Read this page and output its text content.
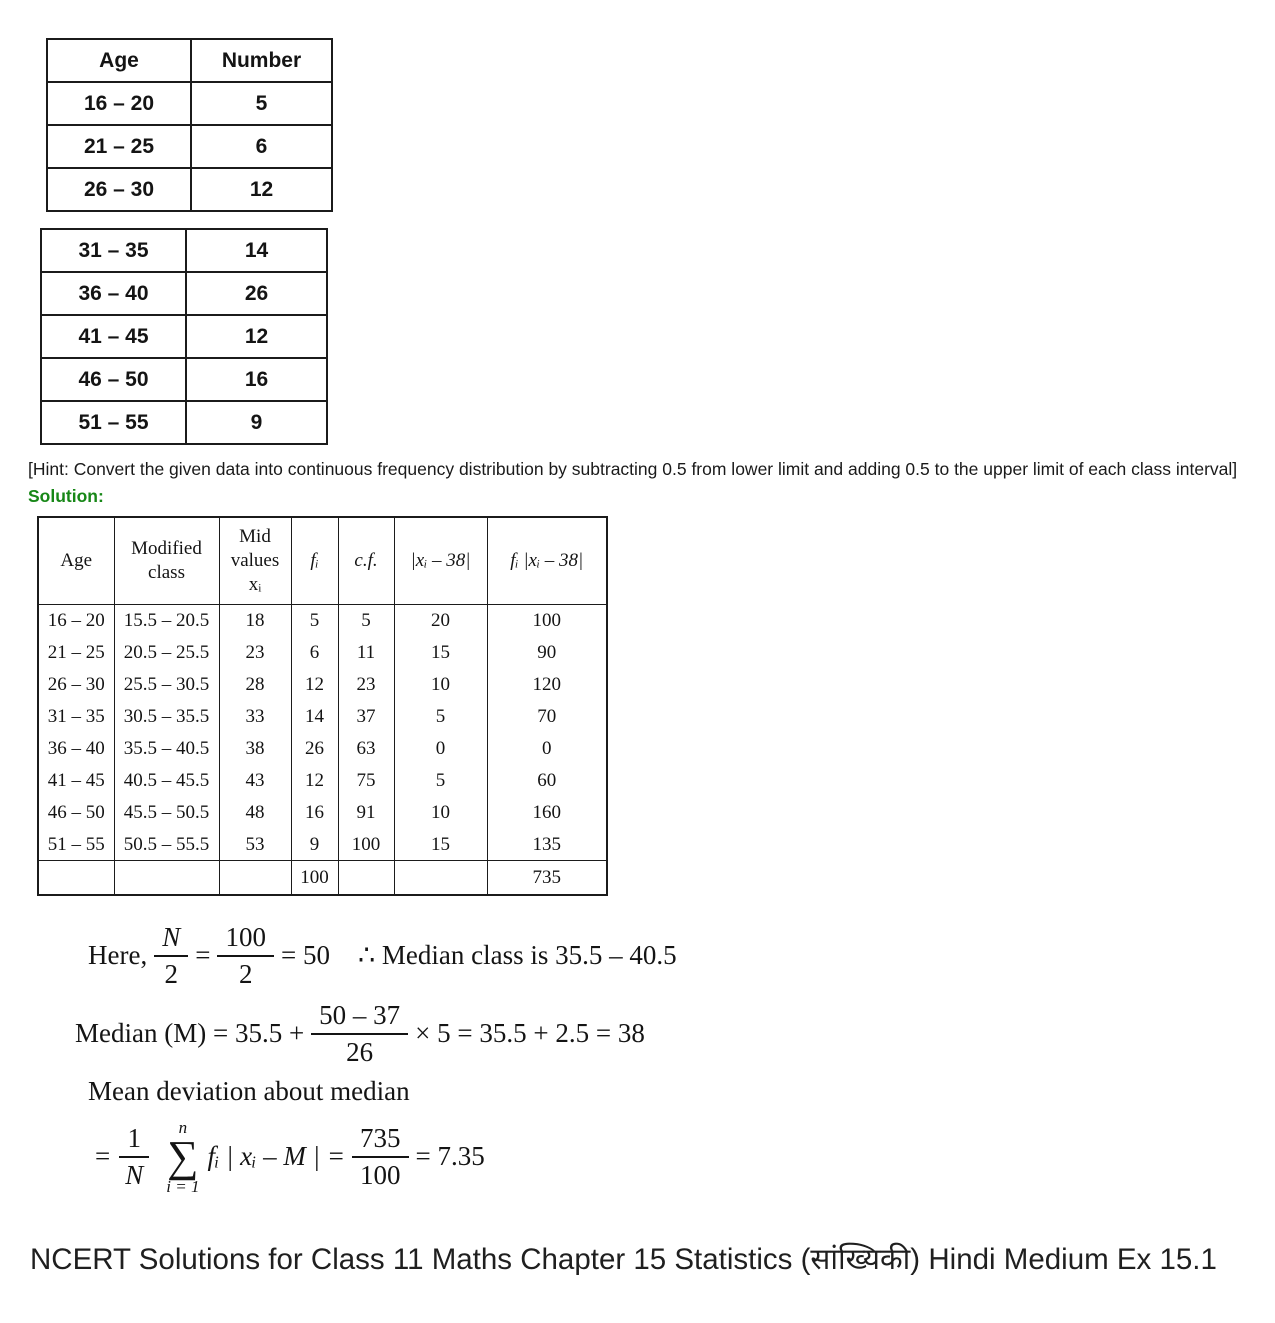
Age	Number
16 – 20	5
21 – 25	6
26 – 30	12
31 – 35	14
36 – 40	26
41 – 45	12
46 – 50	16
51 – 55	9

[Hint: Convert the given data into continuous frequency distribution by subtracting 0.5 from lower limit and adding 0.5 to the upper limit of each class interval]

Solution:

Age	Modified class	Mid values xᵢ	fᵢ	c.f.	|xᵢ – 38|	fᵢ |xᵢ – 38|
16 – 20	15.5 – 20.5	18	5	5	20	100
21 – 25	20.5 – 25.5	23	6	11	15	90
26 – 30	25.5 – 30.5	28	12	23	10	120
31 – 35	30.5 – 35.5	33	14	37	5	70
36 – 40	35.5 – 40.5	38	26	63	0	0
41 – 45	40.5 – 45.5	43	12	75	5	60
46 – 50	45.5 – 50.5	48	16	91	10	160
51 – 55	50.5 – 55.5	53	9	100	15	135
			100			735
Here, $\frac{N}{2} = \frac{100}{2} = 50$ ∴ Median class is 35.5 – 40.5
Median $(M) = 35.5 + \frac{50 - 37}{26} \times 5 = 35.5 + 2.5 = 38$
Mean deviation about median
= $\frac{1}{N}$ n
∑
i = 1
fᵢ | xᵢ – M | = $\frac{735}{100} = 7.35$
NCERT Solutions for Class 11 Maths Chapter 15 Statistics (सांख्यिकी) Hindi Medium Ex 15.1
